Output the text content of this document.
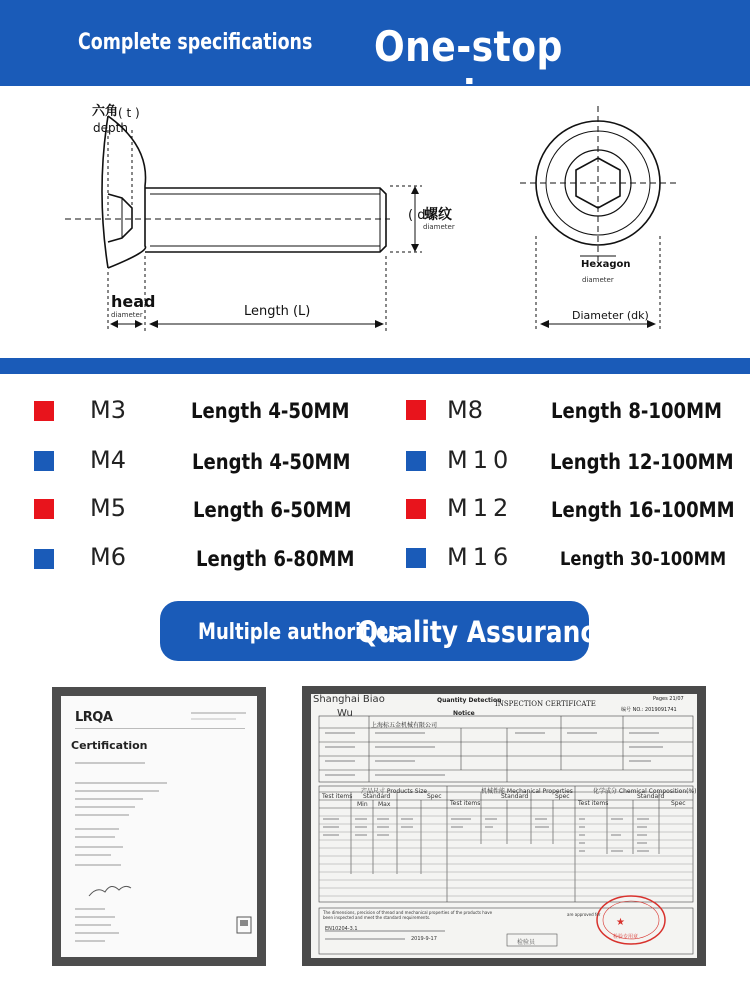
Complete specifications One-stop service
六角 ( t )
depth
( d
螺纹
diameter
head
diameter	Length (L)
Hexagon
diameter
Diameter (dk)
M3	Length 4-50MM
M4	Length 4-50MM
M5	Length 6-50MM
M6	Length 6-80MM
M8	Length 8-100MM
M10 Length 12-100MM
M12 Length 16-100MM
M16 Length 30-100MM
Multiple authorities
Quality Assurance
LRQA
Certification
Shanghai Biao
Wu
Quantity Detection
INSPECTION CERTIFICATE
Notice
Pages 21/07
编号 NO.: 2019091741
上海标五金机械有限公司
★
产品尺寸 Products Size	机械性能 Mechanical Properties	化学成分 Chemical Composition(%)
Test items Standard	Spec
Min Max	Test items
Standard	Spec
Test items
Standard
Spec
The dimensions, precision of thread and mechanical properties of the products have been inspected and meet the standard requirements.
EN10204-3.1
2019-9-17	检验员
are approved for
检验专用章
